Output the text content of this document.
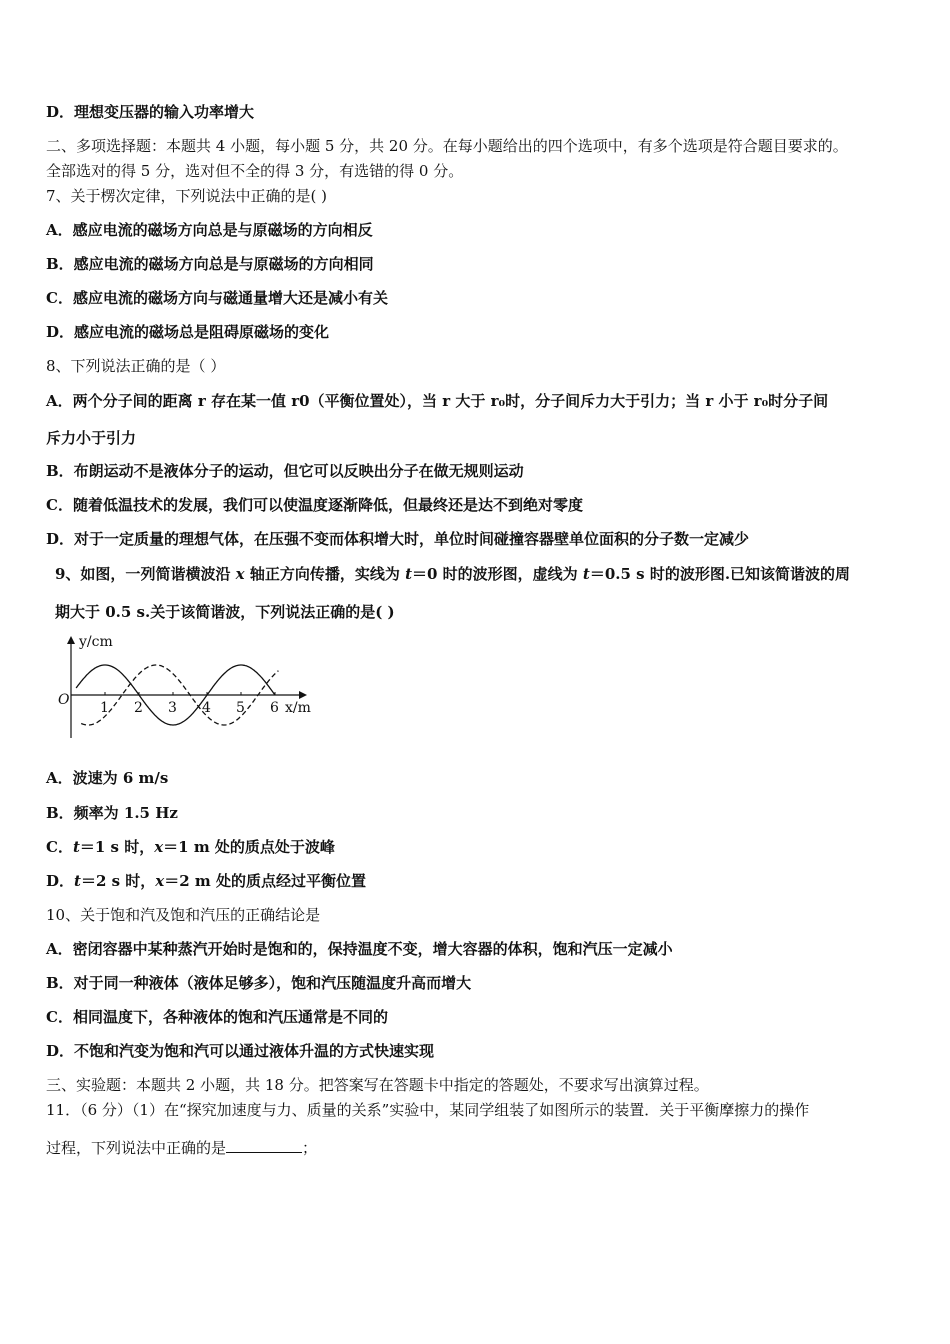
D．理想变压器的输入功率增大
二、多项选择题：本题共 4 小题，每小题 5 分，共 20 分。在每小题给出的四个选项中，有多个选项是符合题目要求的。
全部选对的得 5 分，选对但不全的得 3 分，有选错的得 0 分。
7、关于楞次定律，下列说法中正确的是( )
A．感应电流的磁场方向总是与原磁场的方向相反
B．感应电流的磁场方向总是与原磁场的方向相同
C．感应电流的磁场方向与磁通量增大还是减小有关
D．感应电流的磁场总是阻碍原磁场的变化
8、下列说法正确的是（ ）
A．两个分子间的距离 r 存在某一值 r0（平衡位置处），当 r 大于 r₀时，分子间斥力大于引力；当 r 小于 r₀时分子间
斥力小于引力
B．布朗运动不是液体分子的运动，但它可以反映出分子在做无规则运动
C．随着低温技术的发展，我们可以使温度逐渐降低，但最终还是达不到绝对零度
D．对于一定质量的理想气体，在压强不变而体积增大时，单位时间碰撞容器壁单位面积的分子数一定减少
9、如图，一列简谐横波沿 x 轴正方向传播，实线为 t＝0 时的波形图，虚线为 t＝0.5 s 时的波形图.已知该简谐波的周
期大于 0.5 s.关于该简谐波，下列说法正确的是( )
y/cm
x/m
O 1 2 3 4 5 6
A．波速为 6 m/s
B．频率为 1.5 Hz
C．t＝1 s 时，x＝1 m 处的质点处于波峰
D．t＝2 s 时，x＝2 m 处的质点经过平衡位置
10、关于饱和汽及饱和汽压的正确结论是
A．密闭容器中某种蒸汽开始时是饱和的，保持温度不变，增大容器的体积，饱和汽压一定减小
B．对于同一种液体（液体足够多），饱和汽压随温度升高而增大
C．相同温度下，各种液体的饱和汽压通常是不同的
D．不饱和汽变为饱和汽可以通过液体升温的方式快速实现
三、实验题：本题共 2 小题，共 18 分。把答案写在答题卡中指定的答题处，不要求写出演算过程。
11．（6 分）（1）在“探究加速度与力、质量的关系”实验中，某同学组装了如图所示的装置．关于平衡摩擦力的操作
过程，下列说法中正确的是	；
